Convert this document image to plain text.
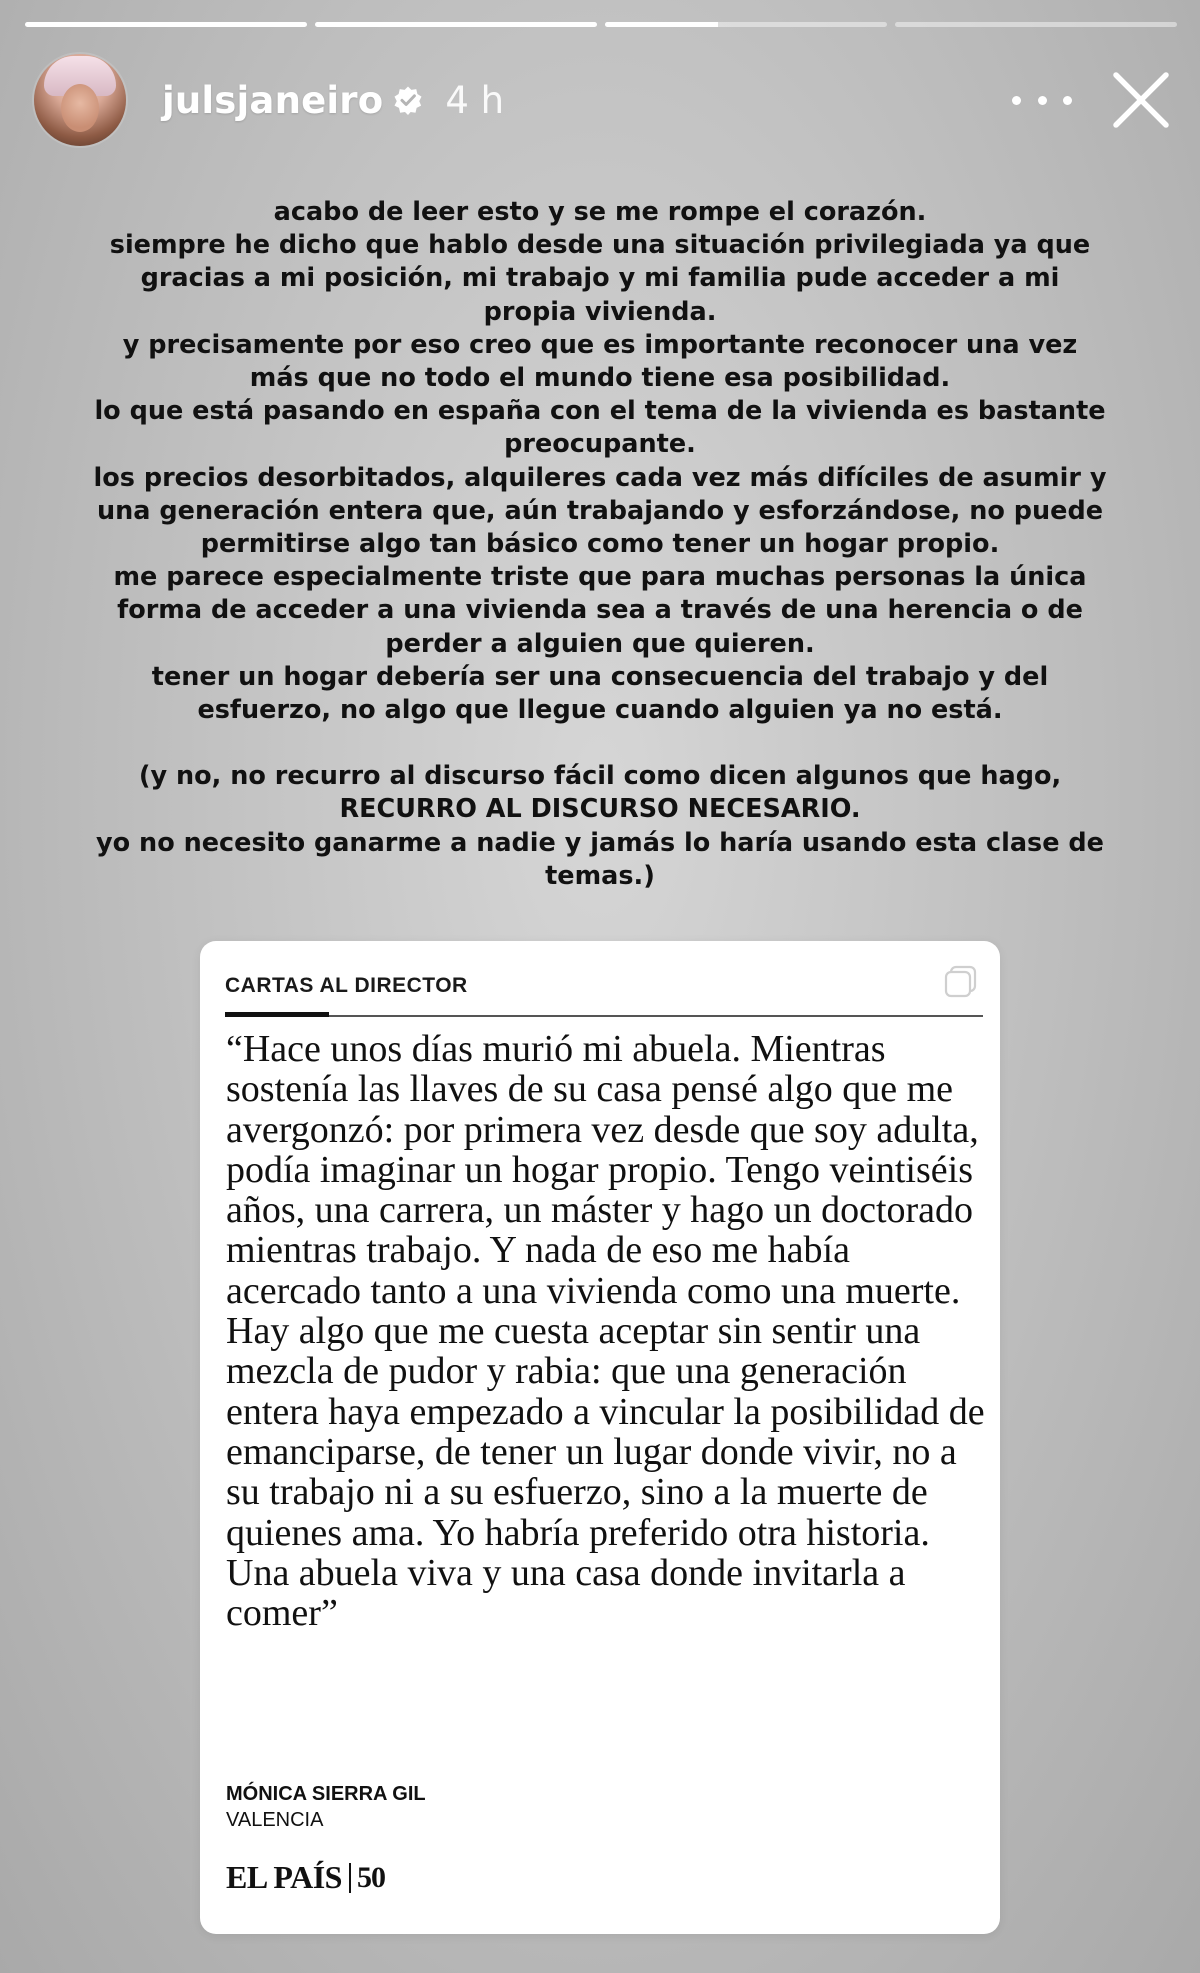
julsjaneiro 4 h

acabo de leer esto y se me rompe el corazón.

siempre he dicho que hablo desde una situación privilegiada ya que gracias a mi posición, mi trabajo y mi familia pude acceder a mi propia vivienda.

y precisamente por eso creo que es importante reconocer una vez más que no todo el mundo tiene esa posibilidad.

lo que está pasando en españa con el tema de la vivienda es bastante preocupante.

los precios desorbitados, alquileres cada vez más difíciles de asumir y una generación entera que, aún trabajando y esforzándose, no puede permitirse algo tan básico como tener un hogar propio.

me parece especialmente triste que para muchas personas la única forma de acceder a una vivienda sea a través de una herencia o de perder a alguien que quieren.

tener un hogar debería ser una consecuencia del trabajo y del esfuerzo, no algo que llegue cuando alguien ya no está.

(y no, no recurro al discurso fácil como dicen algunos que hago,

RECURRO AL DISCURSO NECESARIO.

yo no necesito ganarme a nadie y jamás lo haría usando esta clase de temas.)

CARTAS AL DIRECTOR
“Hace unos días murió mi abuela. Mientras sostenía las llaves de su casa pensé algo que me avergonzó: por primera vez desde que soy adulta, podía imaginar un hogar propio. Tengo veintiséis años, una carrera, un máster y hago un doctorado mientras trabajo. Y nada de eso me había acercado tanto a una vivienda como una muerte. Hay algo que me cuesta aceptar sin sentir una mezcla de pudor y rabia: que una generación entera haya empezado a vincular la posibilidad de emanciparse, de tener un lugar donde vivir, no a su trabajo ni a su esfuerzo, sino a la muerte de quienes ama. Yo habría preferido otra historia. Una abuela viva y una casa donde invitarla a comer”
MÓNICA SIERRA GIL
VALENCIA
EL PAÍS 50
